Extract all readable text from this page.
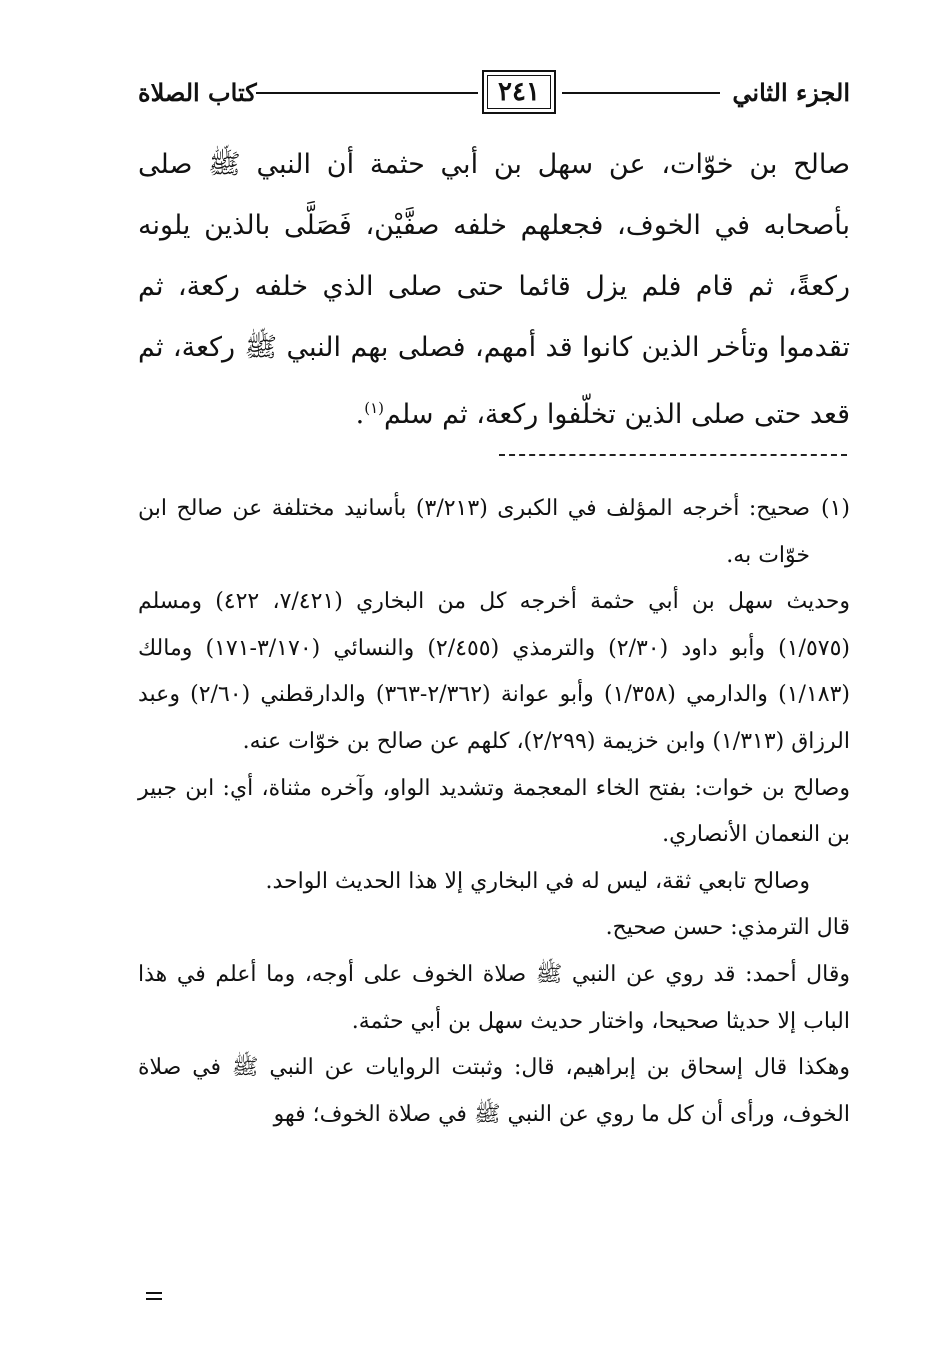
الجزء الثاني
٢٤١
كتاب الصلاة

صالح بن خوّات، عن سهل بن أبي حثمة أن النبي ﷺ صلى بأصحابه في الخوف، فجعلهم خلفه صفَّيْن، فَصَلَّى بالذين يلونه ركعةً، ثم قام فلم يزل قائما حتى صلى الذي خلفه ركعة، ثم تقدموا وتأخر الذين كانوا قد أمهم، فصلى بهم النبي ﷺ ركعة، ثم قعد حتى صلى الذين تخلّفوا ركعة، ثم سلم$^{(١)}$.

(١)صحيح: أخرجه المؤلف في الكبرى (٣/٢١٣) بأسانيد مختلفة عن صالح ابن خوّات به.

وحديث سهل بن أبي حثمة أخرجه كل من البخاري (٧/٤٢١، ٤٢٢) ومسلم (١/٥٧٥) وأبو داود (٢/٣٠) والترمذي (٢/٤٥٥) والنسائي (٣/١٧٠-١٧١) ومالك (١/١٨٣) والدارمي (١/٣٥٨) وأبو عوانة (٢/٣٦٢-٣٦٣) والدارقطني (٢/٦٠) وعبد الرزاق (١/٣١٣) وابن خزيمة (٢/٢٩٩)، كلهم عن صالح بن خوّات عنه.

وصالح بن خوات: بفتح الخاء المعجمة وتشديد الواو، وآخره مثناة، أي: ابن جبير بن النعمان الأنصاري.

وصالح تابعي ثقة، ليس له في البخاري إلا هذا الحديث الواحد.

قال الترمذي: حسن صحيح.

وقال أحمد: قد روي عن النبي ﷺ صلاة الخوف على أوجه، وما أعلم في هذا الباب إلا حديثا صحيحا، واختار حديث سهل بن أبي حثمة.

وهكذا قال إسحاق بن إبراهيم، قال: وثبتت الروايات عن النبي ﷺ في صلاة الخوف، ورأى أن كل ما روي عن النبي ﷺ في صلاة الخوف؛ فهو
